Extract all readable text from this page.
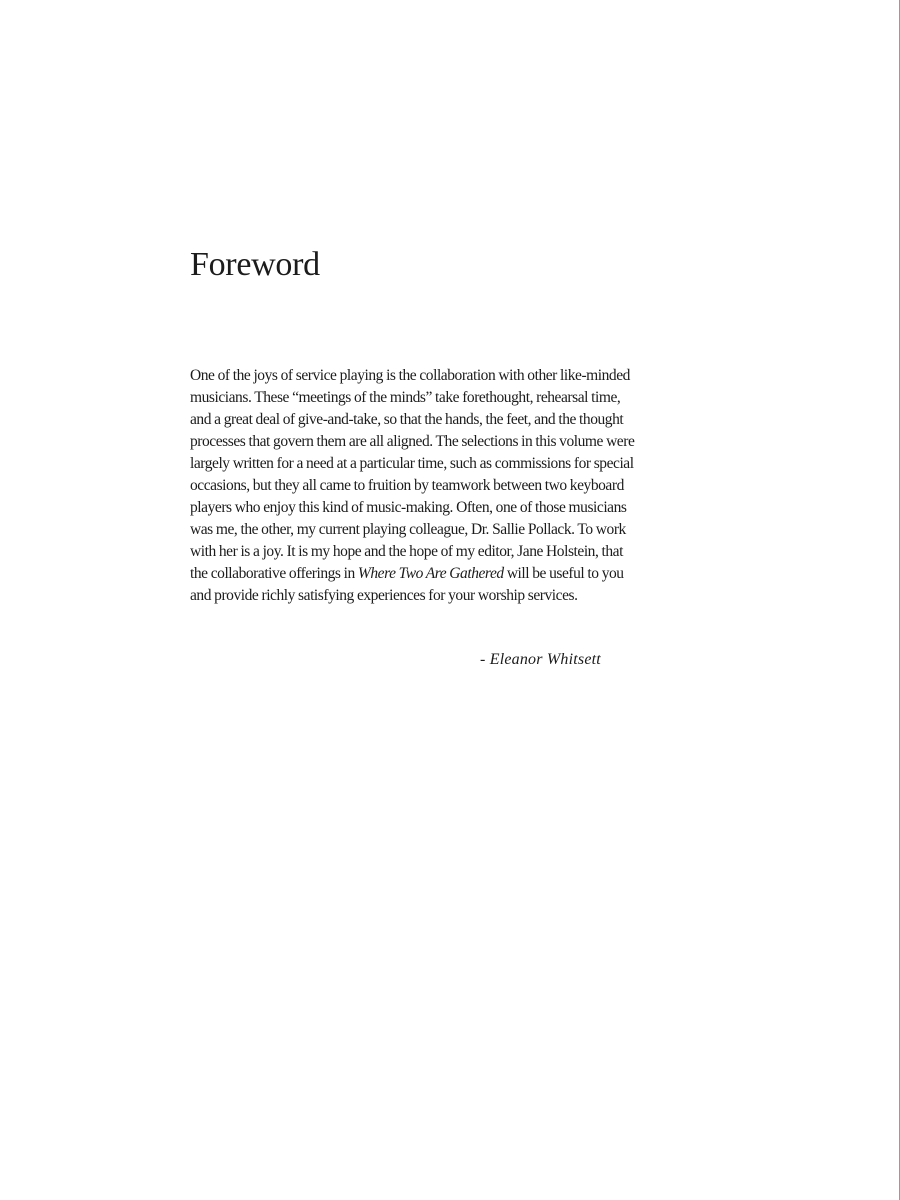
Foreword
One of the joys of service playing is the collaboration with other like-minded
musicians. These “meetings of the minds” take forethought, rehearsal time,
and a great deal of give-and-take, so that the hands, the feet, and the thought
processes that govern them are all aligned. The selections in this volume were
largely written for a need at a particular time, such as commissions for special
occasions, but they all came to fruition by teamwork between two keyboard
players who enjoy this kind of music-making. Often, one of those musicians
was me, the other, my current playing colleague, Dr. Sallie Pollack. To work
with her is a joy. It is my hope and the hope of my editor, Jane Holstein, that
the collaborative offerings in Where Two Are Gathered will be useful to you
and provide richly satisfying experiences for your worship services.

- Eleanor Whitsett
